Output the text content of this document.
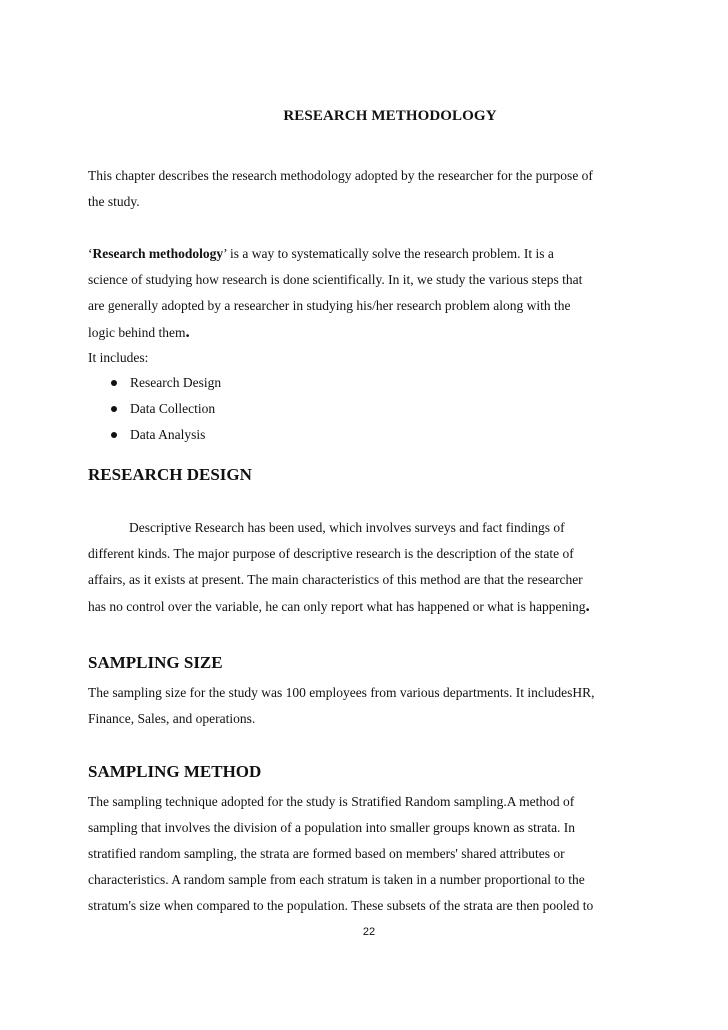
RESEARCH METHODOLOGY
This chapter describes the research methodology adopted by the researcher for the purpose of
the study.
‘Research methodology’ is a way to systematically solve the research problem. It is a
science of studying how research is done scientifically. In it, we study the various steps that
are generally adopted by a researcher in studying his/her research problem along with the
logic behind them.
It includes:
Research Design
Data Collection
Data Analysis
RESEARCH DESIGN
Descriptive Research has been used, which involves surveys and fact findings of
different kinds. The major purpose of descriptive research is the description of the state of
affairs, as it exists at present. The main characteristics of this method are that the researcher
has no control over the variable, he can only report what has happened or what is happening.
SAMPLING SIZE
The sampling size for the study was 100 employees from various departments. It includesHR,
Finance, Sales, and operations.
SAMPLING METHOD
The sampling technique adopted for the study is Stratified Random sampling.A method of
sampling that involves the division of a population into smaller groups known as strata. In
stratified random sampling, the strata are formed based on members' shared attributes or
characteristics. A random sample from each stratum is taken in a number proportional to the
stratum's size when compared to the population. These subsets of the strata are then pooled to
22
